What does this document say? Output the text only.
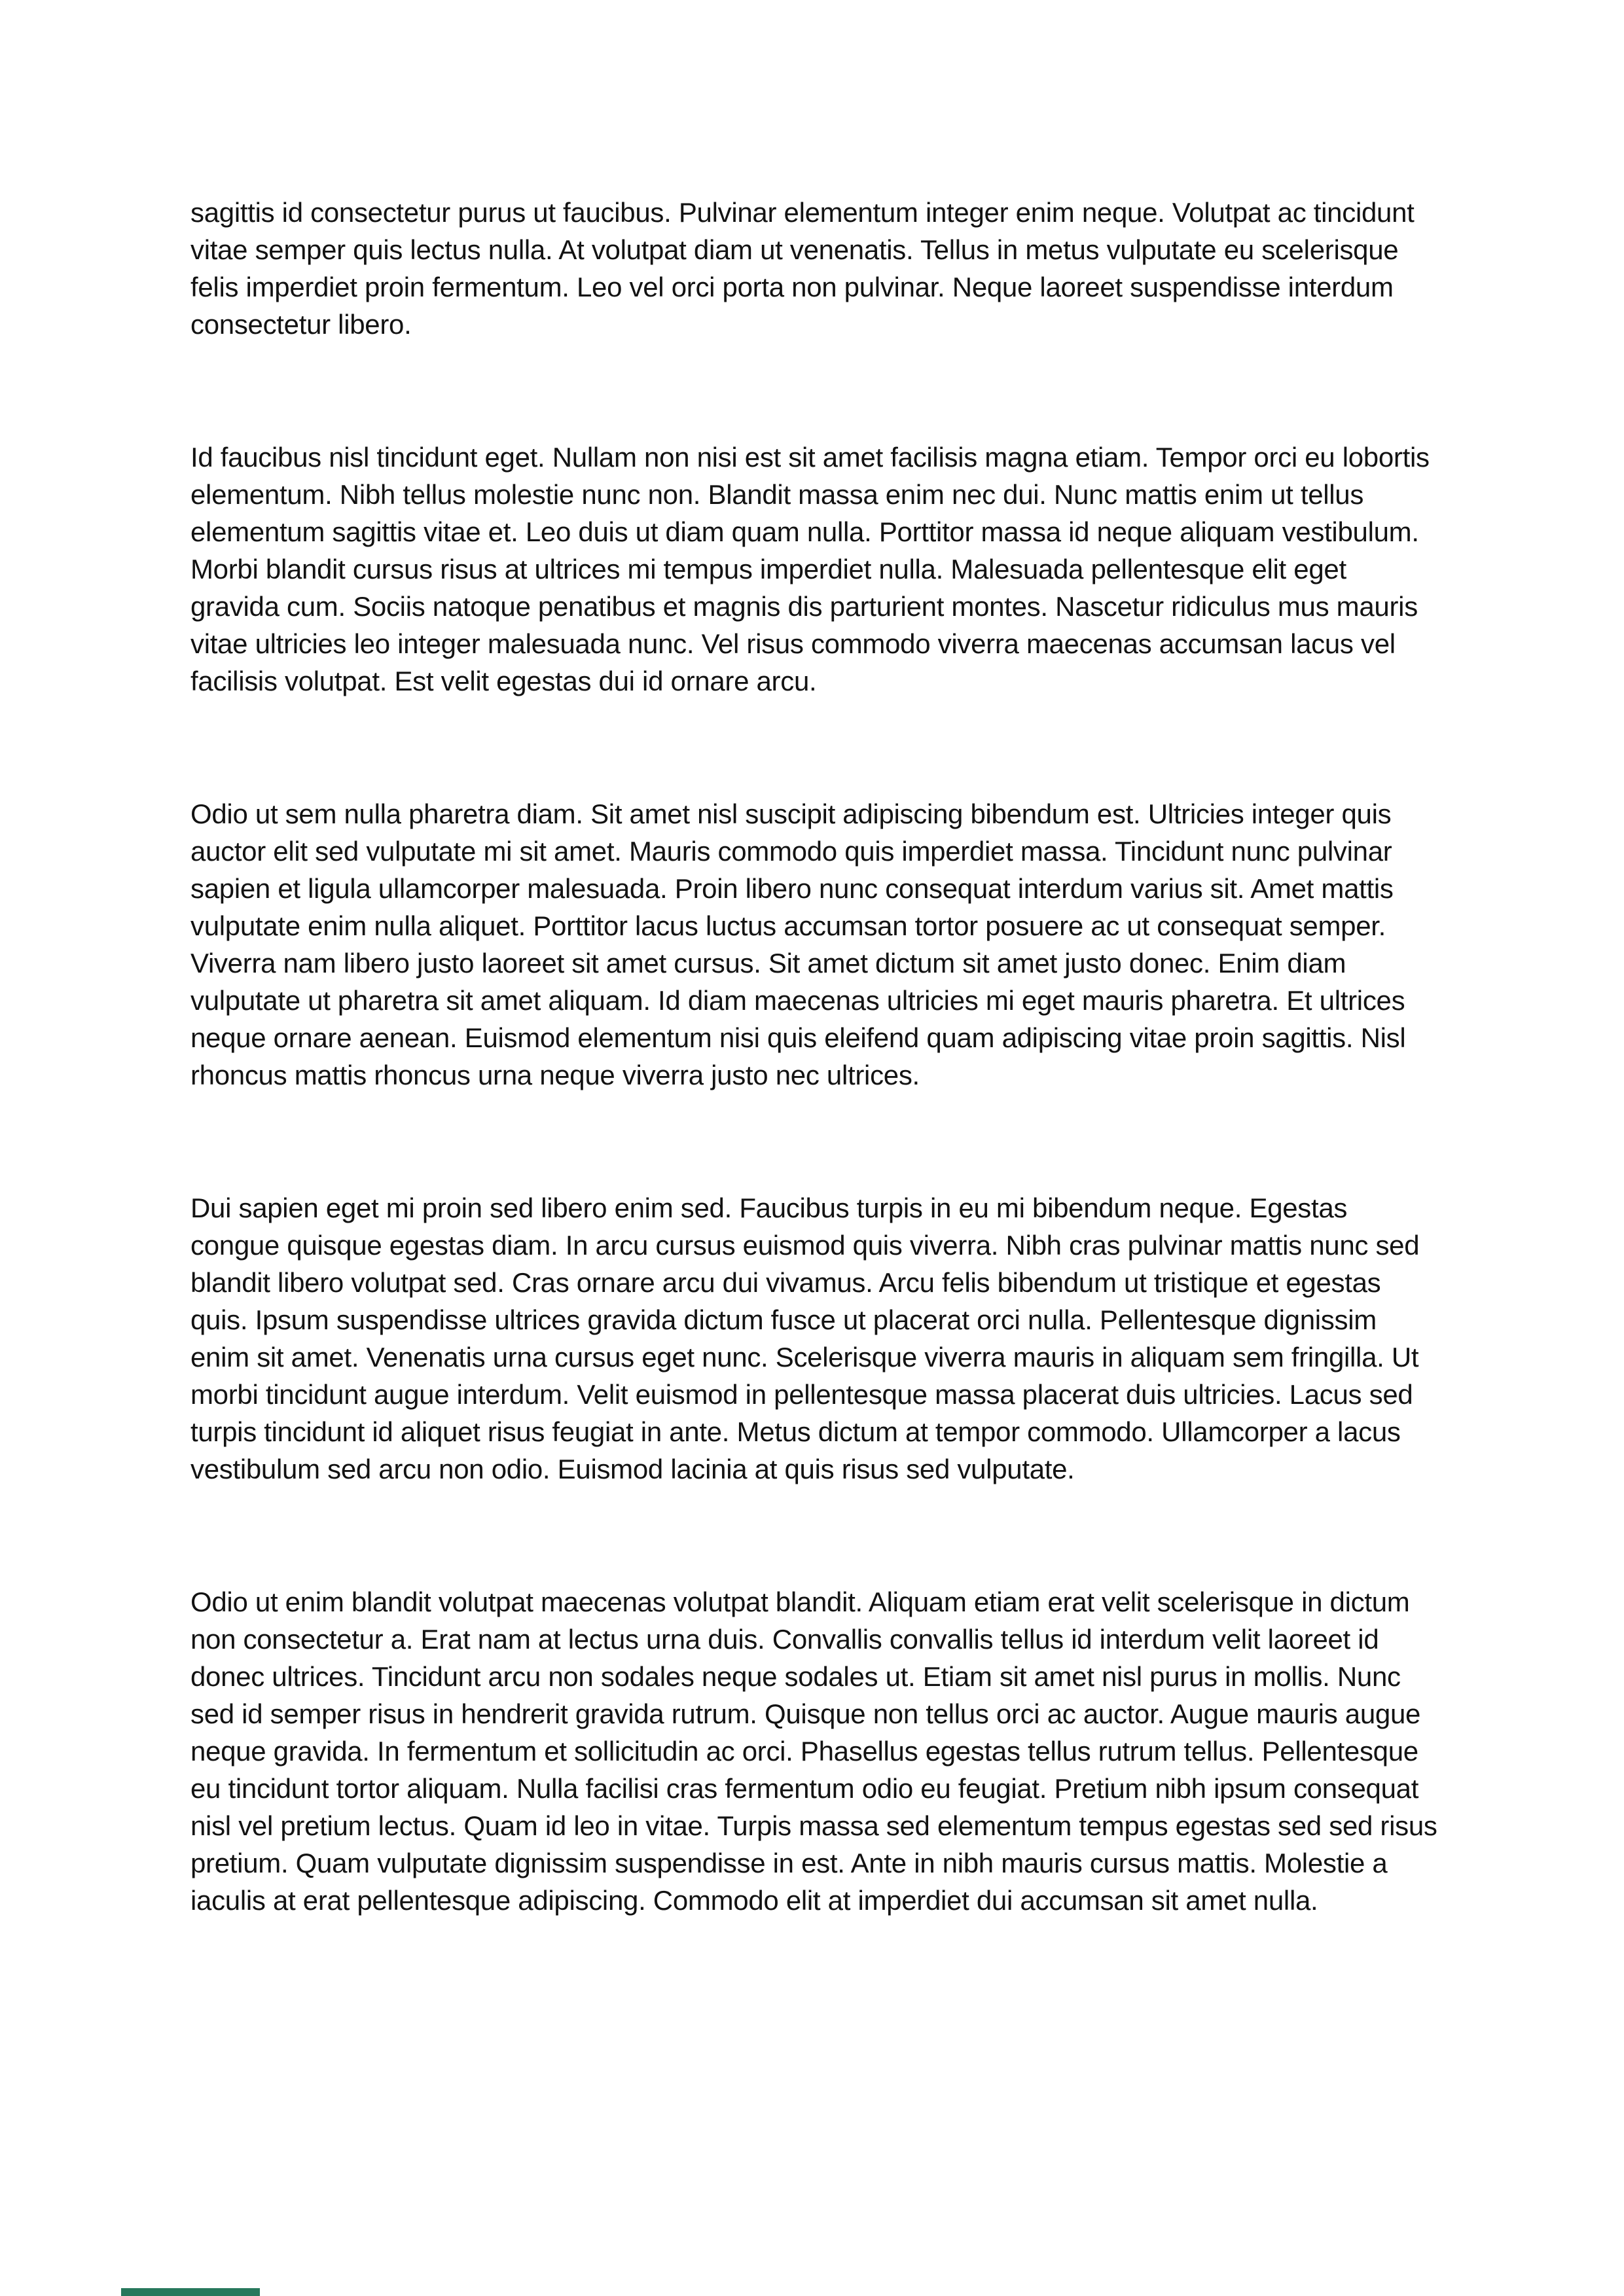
sagittis id consectetur purus ut faucibus. Pulvinar elementum integer enim neque. Volutpat ac tincidunt vitae semper quis lectus nulla. At volutpat diam ut venenatis. Tellus in metus vulputate eu scelerisque felis imperdiet proin fermentum. Leo vel orci porta non pulvinar. Neque laoreet suspendisse interdum consectetur libero.

Id faucibus nisl tincidunt eget. Nullam non nisi est sit amet facilisis magna etiam. Tempor orci eu lobortis elementum. Nibh tellus molestie nunc non. Blandit massa enim nec dui. Nunc mattis enim ut tellus elementum sagittis vitae et. Leo duis ut diam quam nulla. Porttitor massa id neque aliquam vestibulum. Morbi blandit cursus risus at ultrices mi tempus imperdiet nulla. Malesuada pellentesque elit eget gravida cum. Sociis natoque penatibus et magnis dis parturient montes. Nascetur ridiculus mus mauris vitae ultricies leo integer malesuada nunc. Vel risus commodo viverra maecenas accumsan lacus vel facilisis volutpat. Est velit egestas dui id ornare arcu.

Odio ut sem nulla pharetra diam. Sit amet nisl suscipit adipiscing bibendum est. Ultricies integer quis auctor elit sed vulputate mi sit amet. Mauris commodo quis imperdiet massa. Tincidunt nunc pulvinar sapien et ligula ullamcorper malesuada. Proin libero nunc consequat interdum varius sit. Amet mattis vulputate enim nulla aliquet. Porttitor lacus luctus accumsan tortor posuere ac ut consequat semper. Viverra nam libero justo laoreet sit amet cursus. Sit amet dictum sit amet justo donec. Enim diam vulputate ut pharetra sit amet aliquam. Id diam maecenas ultricies mi eget mauris pharetra. Et ultrices neque ornare aenean. Euismod elementum nisi quis eleifend quam adipiscing vitae proin sagittis. Nisl rhoncus mattis rhoncus urna neque viverra justo nec ultrices.

Dui sapien eget mi proin sed libero enim sed. Faucibus turpis in eu mi bibendum neque. Egestas congue quisque egestas diam. In arcu cursus euismod quis viverra. Nibh cras pulvinar mattis nunc sed blandit libero volutpat sed. Cras ornare arcu dui vivamus. Arcu felis bibendum ut tristique et egestas quis. Ipsum suspendisse ultrices gravida dictum fusce ut placerat orci nulla. Pellentesque dignissim enim sit amet. Venenatis urna cursus eget nunc. Scelerisque viverra mauris in aliquam sem fringilla. Ut morbi tincidunt augue interdum. Velit euismod in pellentesque massa placerat duis ultricies. Lacus sed turpis tincidunt id aliquet risus feugiat in ante. Metus dictum at tempor commodo. Ullamcorper a lacus vestibulum sed arcu non odio. Euismod lacinia at quis risus sed vulputate.

Odio ut enim blandit volutpat maecenas volutpat blandit. Aliquam etiam erat velit scelerisque in dictum non consectetur a. Erat nam at lectus urna duis. Convallis convallis tellus id interdum velit laoreet id donec ultrices. Tincidunt arcu non sodales neque sodales ut. Etiam sit amet nisl purus in mollis. Nunc sed id semper risus in hendrerit gravida rutrum. Quisque non tellus orci ac auctor. Augue mauris augue neque gravida. In fermentum et sollicitudin ac orci. Phasellus egestas tellus rutrum tellus. Pellentesque eu tincidunt tortor aliquam. Nulla facilisi cras fermentum odio eu feugiat. Pretium nibh ipsum consequat nisl vel pretium lectus. Quam id leo in vitae. Turpis massa sed elementum tempus egestas sed sed risus pretium. Quam vulputate dignissim suspendisse in est. Ante in nibh mauris cursus mattis. Molestie a iaculis at erat pellentesque adipiscing. Commodo elit at imperdiet dui accumsan sit amet nulla.
